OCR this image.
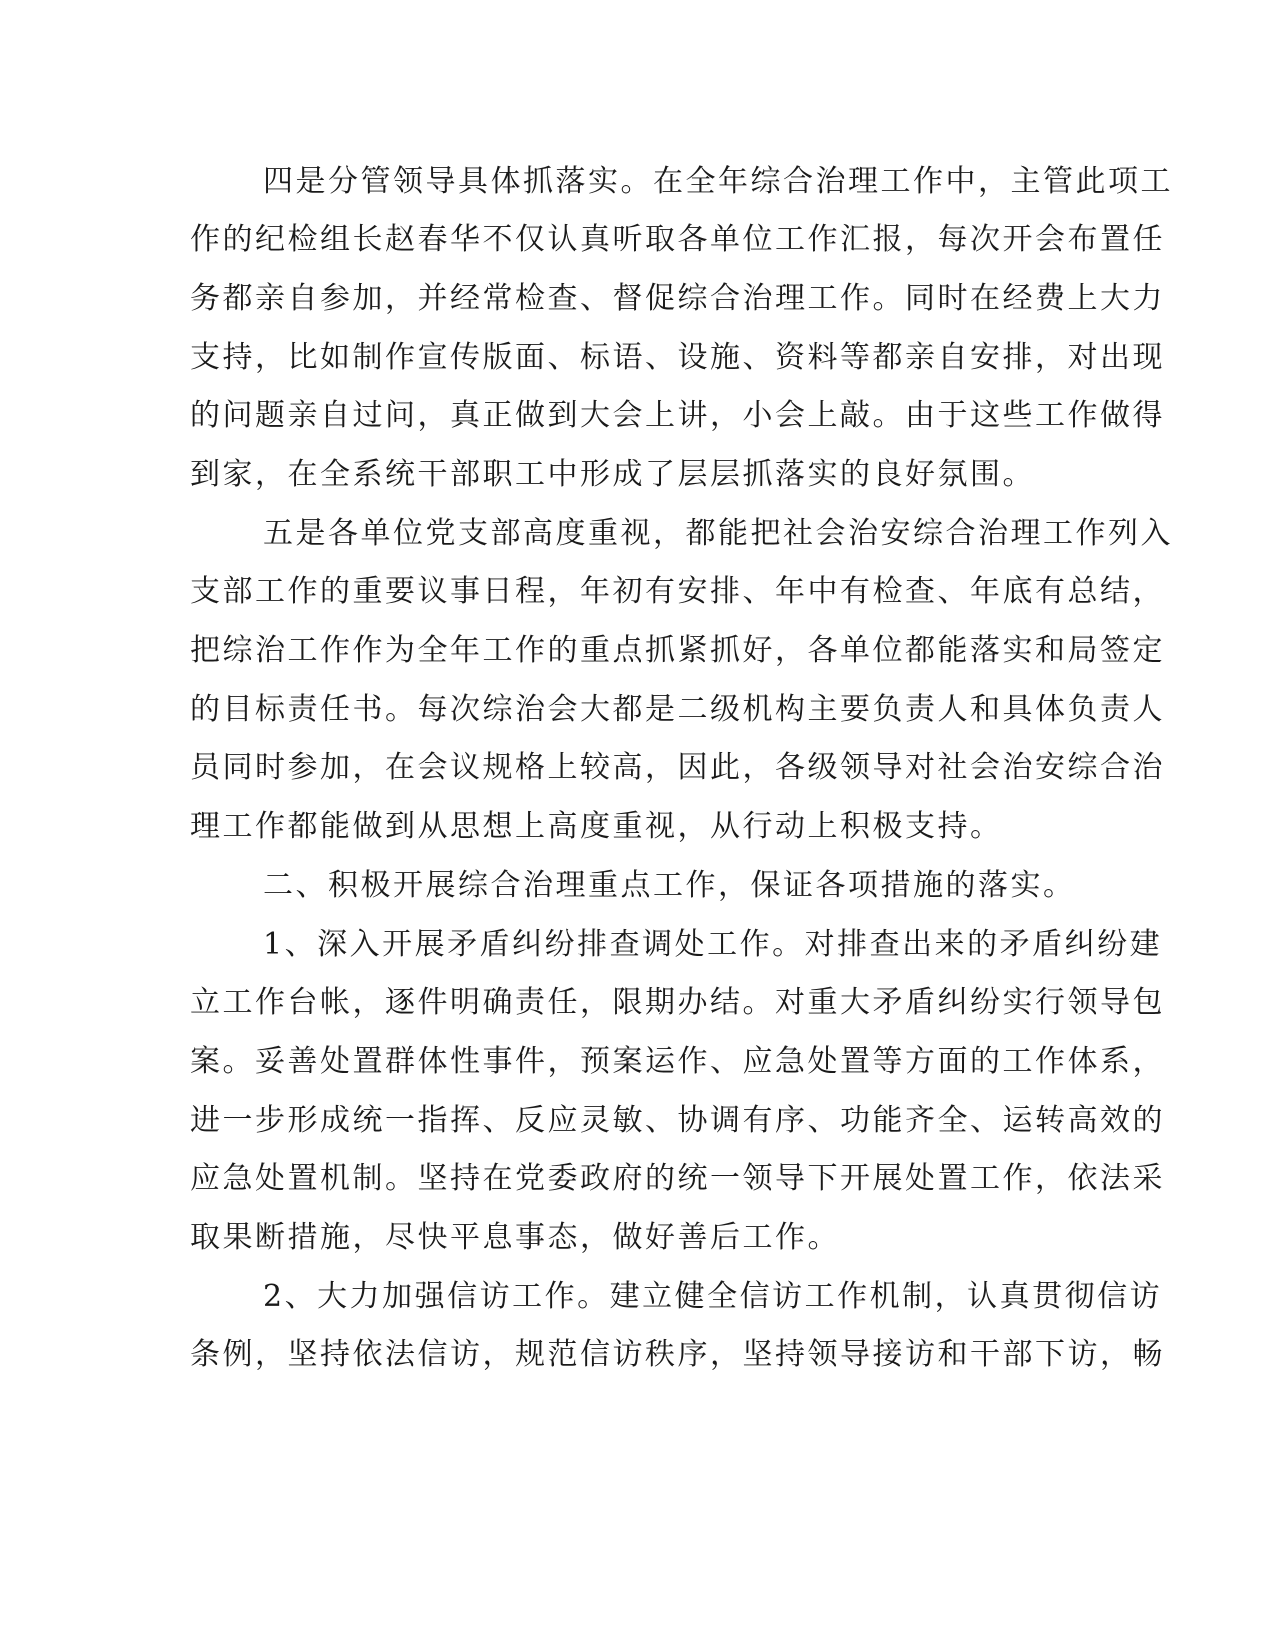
四是分管领导具体抓落实。在全年综合治理工作中，主管此项工
作的纪检组长赵春华不仅认真听取各单位工作汇报，每次开会布置任
务都亲自参加，并经常检查、督促综合治理工作。同时在经费上大力
支持，比如制作宣传版面、标语、设施、资料等都亲自安排，对出现
的问题亲自过问，真正做到大会上讲，小会上敲。由于这些工作做得
到家，在全系统干部职工中形成了层层抓落实的良好氛围。
五是各单位党支部高度重视，都能把社会治安综合治理工作列入
支部工作的重要议事日程，年初有安排、年中有检查、年底有总结，
把综治工作作为全年工作的重点抓紧抓好，各单位都能落实和局签定
的目标责任书。每次综治会大都是二级机构主要负责人和具体负责人
员同时参加，在会议规格上较高，因此，各级领导对社会治安综合治
理工作都能做到从思想上高度重视，从行动上积极支持。
二、积极开展综合治理重点工作，保证各项措施的落实。
1、深入开展矛盾纠纷排查调处工作。对排查出来的矛盾纠纷建
立工作台帐，逐件明确责任，限期办结。对重大矛盾纠纷实行领导包
案。妥善处置群体性事件，预案运作、应急处置等方面的工作体系，
进一步形成统一指挥、反应灵敏、协调有序、功能齐全、运转高效的
应急处置机制。坚持在党委政府的统一领导下开展处置工作，依法采
取果断措施，尽快平息事态，做好善后工作。
2、大力加强信访工作。建立健全信访工作机制，认真贯彻信访
条例，坚持依法信访，规范信访秩序，坚持领导接访和干部下访，畅
